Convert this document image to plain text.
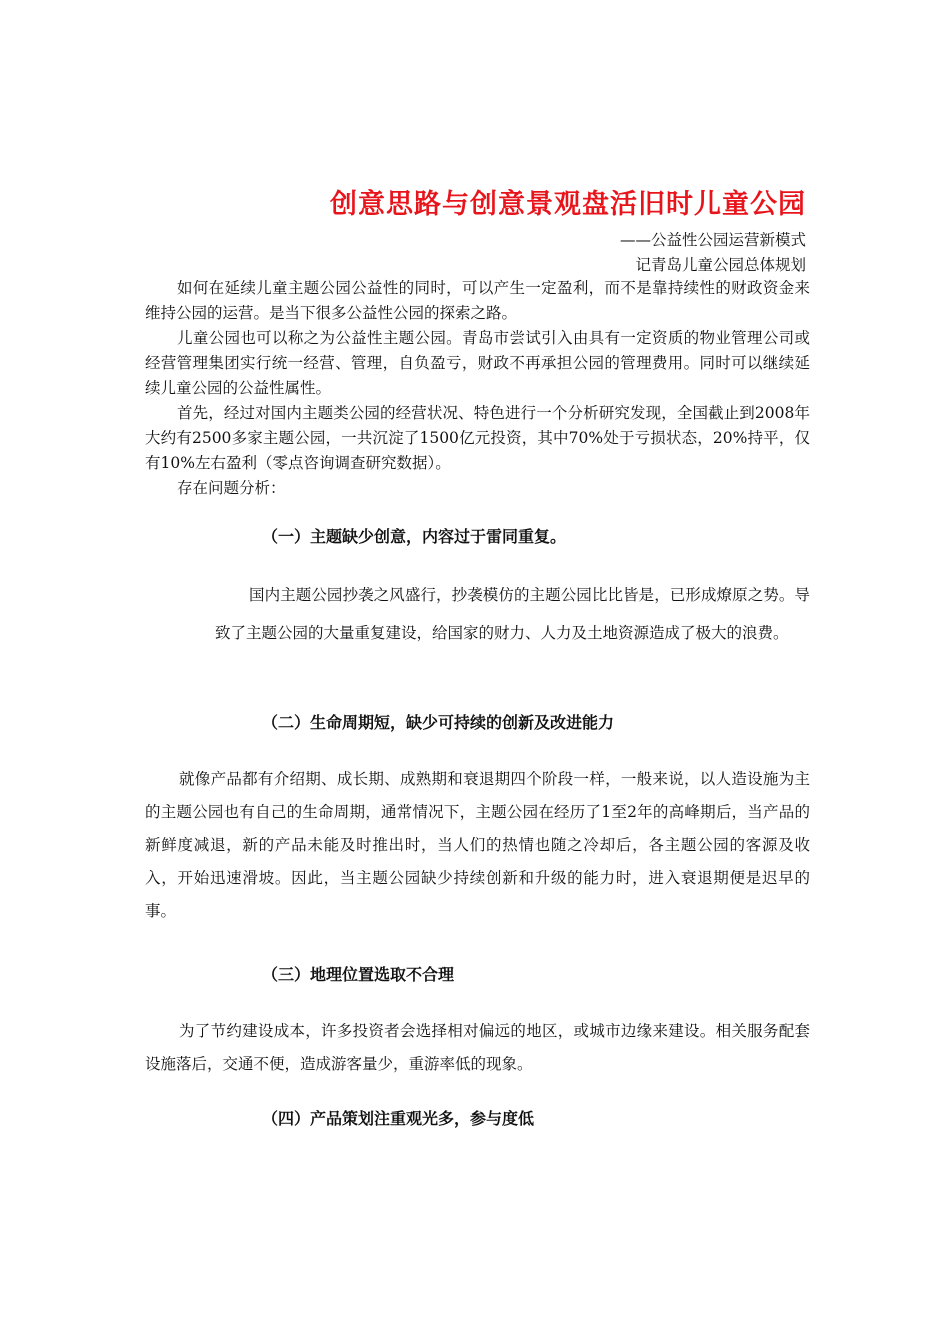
创意思路与创意景观盘活旧时儿童公园
——公益性公园运营新模式
记青岛儿童公园总体规划

如何在延续儿童主题公园公益性的同时，可以产生一定盈利，而不是靠持续性的财政资金来维持公园的运营。是当下很多公益性公园的探索之路。

儿童公园也可以称之为公益性主题公园。青岛市尝试引入由具有一定资质的物业管理公司或经营管理集团实行统一经营、管理，自负盈亏，财政不再承担公园的管理费用。同时可以继续延续儿童公园的公益性属性。

首先，经过对国内主题类公园的经营状况、特色进行一个分析研究发现，全国截止到2008年大约有2500多家主题公园，一共沉淀了1500亿元投资，其中70%处于亏损状态，20%持平，仅有10%左右盈利（零点咨询调查研究数据）。

存在问题分析：

（一）主题缺少创意，内容过于雷同重复。

国内主题公园抄袭之风盛行，抄袭模仿的主题公园比比皆是，已形成燎原之势。导致了主题公园的大量重复建设，给国家的财力、人力及土地资源造成了极大的浪费。

（二）生命周期短，缺少可持续的创新及改进能力

就像产品都有介绍期、成长期、成熟期和衰退期四个阶段一样，一般来说，以人造设施为主的主题公园也有自己的生命周期，通常情况下，主题公园在经历了1至2年的高峰期后，当产品的新鲜度减退，新的产品未能及时推出时，当人们的热情也随之冷却后，各主题公园的客源及收入，开始迅速滑坡。因此，当主题公园缺少持续创新和升级的能力时，进入衰退期便是迟早的事。

（三）地理位置选取不合理

为了节约建设成本，许多投资者会选择相对偏远的地区，或城市边缘来建设。相关服务配套设施落后，交通不便，造成游客量少，重游率低的现象。

（四）产品策划注重观光多，参与度低
